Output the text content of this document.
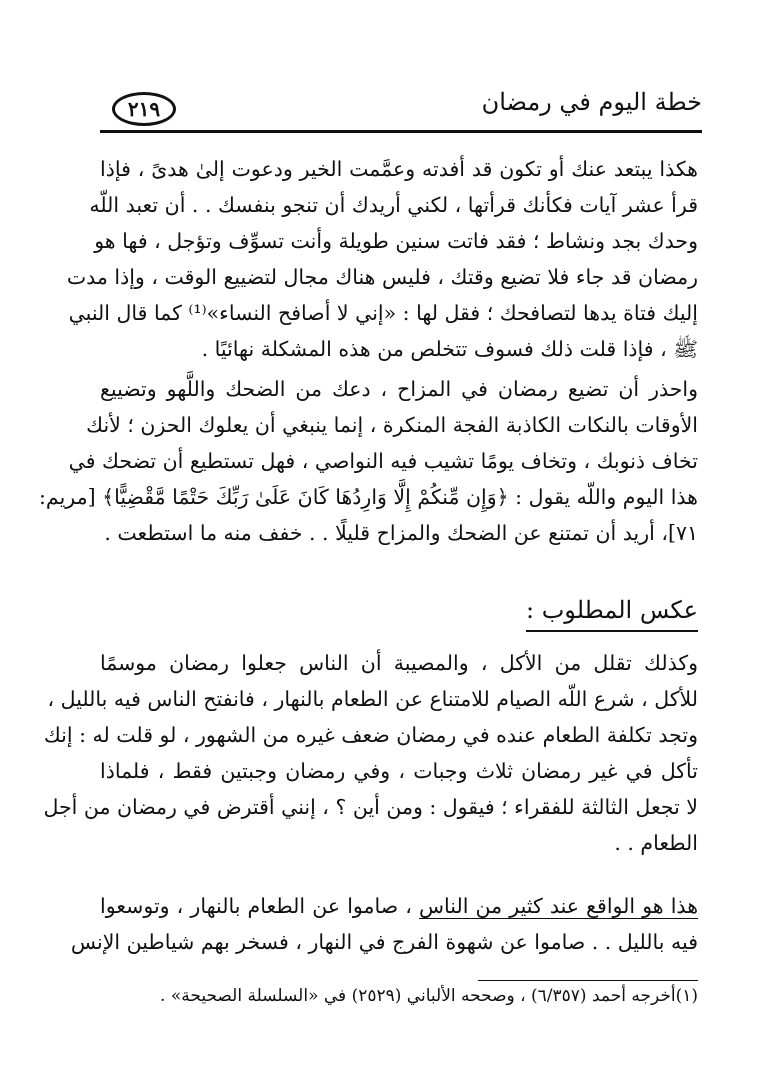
خطة اليوم في رمضان
٢١٩
هكذا يبتعد عنك أو تكون قد أفدته وعمَّمت الخير ودعوت إلىٰ هدىً ، فإذا
قرأ عشر آيات فكأنك قرأتها ، لكني أريدك أن تنجو بنفسك . . أن تعبد اللّه
وحدك بجد ونشاط ؛ فقد فاتت سنين طويلة وأنت تسوِّف وتؤجل ، فها هو
رمضان قد جاء فلا تضيع وقتك ، فليس هناك مجال لتضييع الوقت ، وإذا مدت
إليك فتاة يدها لتصافحك ؛ فقل لها : «إني لا أصافح النساء»⁽¹⁾ كما قال النبي
ﷺ ، فإذا قلت ذلك فسوف تتخلص من هذه المشكلة نهائيًا .
واحذر أن تضيع رمضان في المزاح ، دعك من الضحك واللَّهو وتضييع
الأوقات بالنكات الكاذبة الفجة المنكرة ، إنما ينبغي أن يعلوك الحزن ؛ لأنك
تخاف ذنوبك ، وتخاف يومًا تشيب فيه النواصي ، فهل تستطيع أن تضحك في
هذا اليوم واللّه يقول : ﴿وَإِن مِّنكُمْ إِلَّا وَارِدُهَا كَانَ عَلَىٰ رَبِّكَ حَتْمًا مَّقْضِيًّا﴾ [مريم:
٧١]، أريد أن تمتنع عن الضحك والمزاح قليلًا . . خفف منه ما استطعت .
عكس المطلوب :
وكذلك تقلل من الأكل ، والمصيبة أن الناس جعلوا رمضان موسمًا
للأكل ، شرع اللّه الصيام للامتناع عن الطعام بالنهار ، فانفتح الناس فيه بالليل ،
وتجد تكلفة الطعام عنده في رمضان ضعف غيره من الشهور ، لو قلت له : إنك
تأكل في غير رمضان ثلاث وجبات ، وفي رمضان وجبتين فقط ، فلماذا
لا تجعل الثالثة للفقراء ؛ فيقول : ومن أين ؟ ، إنني أقترض في رمضان من أجل
الطعام . .
هذا هو الواقع عند كثير من الناس ، صاموا عن الطعام بالنهار ، وتوسعوا
فيه بالليل . . صاموا عن شهوة الفرج في النهار ، فسخر بهم شياطين الإنس
(١)أخرجه أحمد (٦/٣٥٧) ، وصححه الألباني (٢٥٢٩) في «السلسلة الصحيحة» .
